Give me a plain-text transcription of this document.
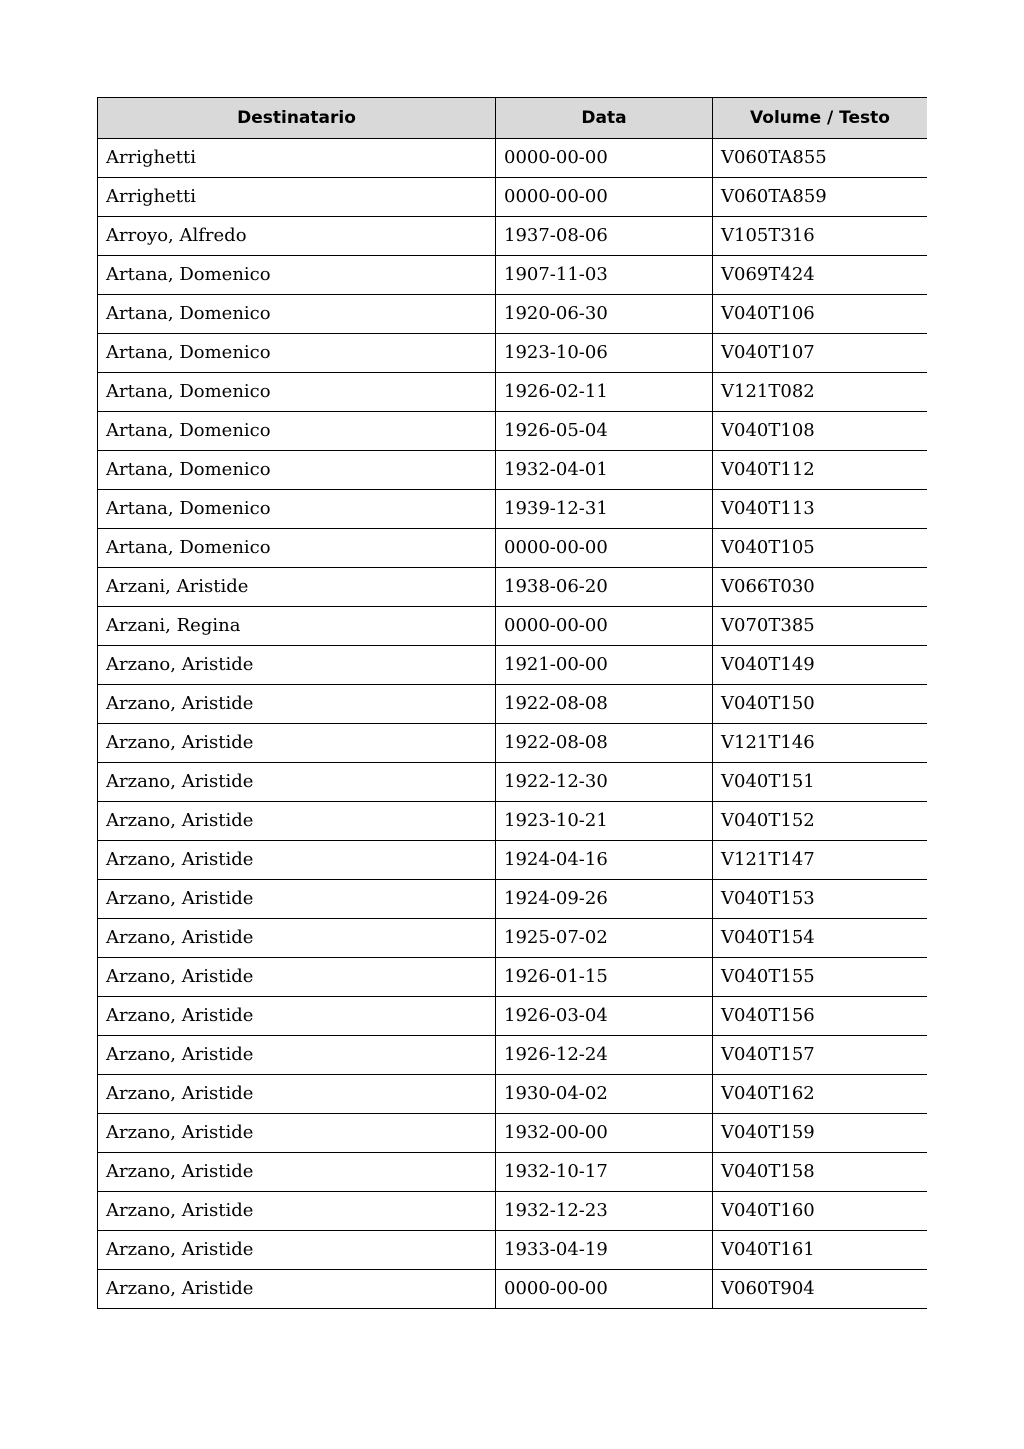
Destinatario	Data	Volume / Testo
Arrighetti	0000-00-00	V060TA855
Arrighetti	0000-00-00	V060TA859
Arroyo, Alfredo	1937-08-06	V105T316
Artana, Domenico	1907-11-03	V069T424
Artana, Domenico	1920-06-30	V040T106
Artana, Domenico	1923-10-06	V040T107
Artana, Domenico	1926-02-11	V121T082
Artana, Domenico	1926-05-04	V040T108
Artana, Domenico	1932-04-01	V040T112
Artana, Domenico	1939-12-31	V040T113
Artana, Domenico	0000-00-00	V040T105
Arzani, Aristide	1938-06-20	V066T030
Arzani, Regina	0000-00-00	V070T385
Arzano, Aristide	1921-00-00	V040T149
Arzano, Aristide	1922-08-08	V040T150
Arzano, Aristide	1922-08-08	V121T146
Arzano, Aristide	1922-12-30	V040T151
Arzano, Aristide	1923-10-21	V040T152
Arzano, Aristide	1924-04-16	V121T147
Arzano, Aristide	1924-09-26	V040T153
Arzano, Aristide	1925-07-02	V040T154
Arzano, Aristide	1926-01-15	V040T155
Arzano, Aristide	1926-03-04	V040T156
Arzano, Aristide	1926-12-24	V040T157
Arzano, Aristide	1930-04-02	V040T162
Arzano, Aristide	1932-00-00	V040T159
Arzano, Aristide	1932-10-17	V040T158
Arzano, Aristide	1932-12-23	V040T160
Arzano, Aristide	1933-04-19	V040T161
Arzano, Aristide	0000-00-00	V060T904
